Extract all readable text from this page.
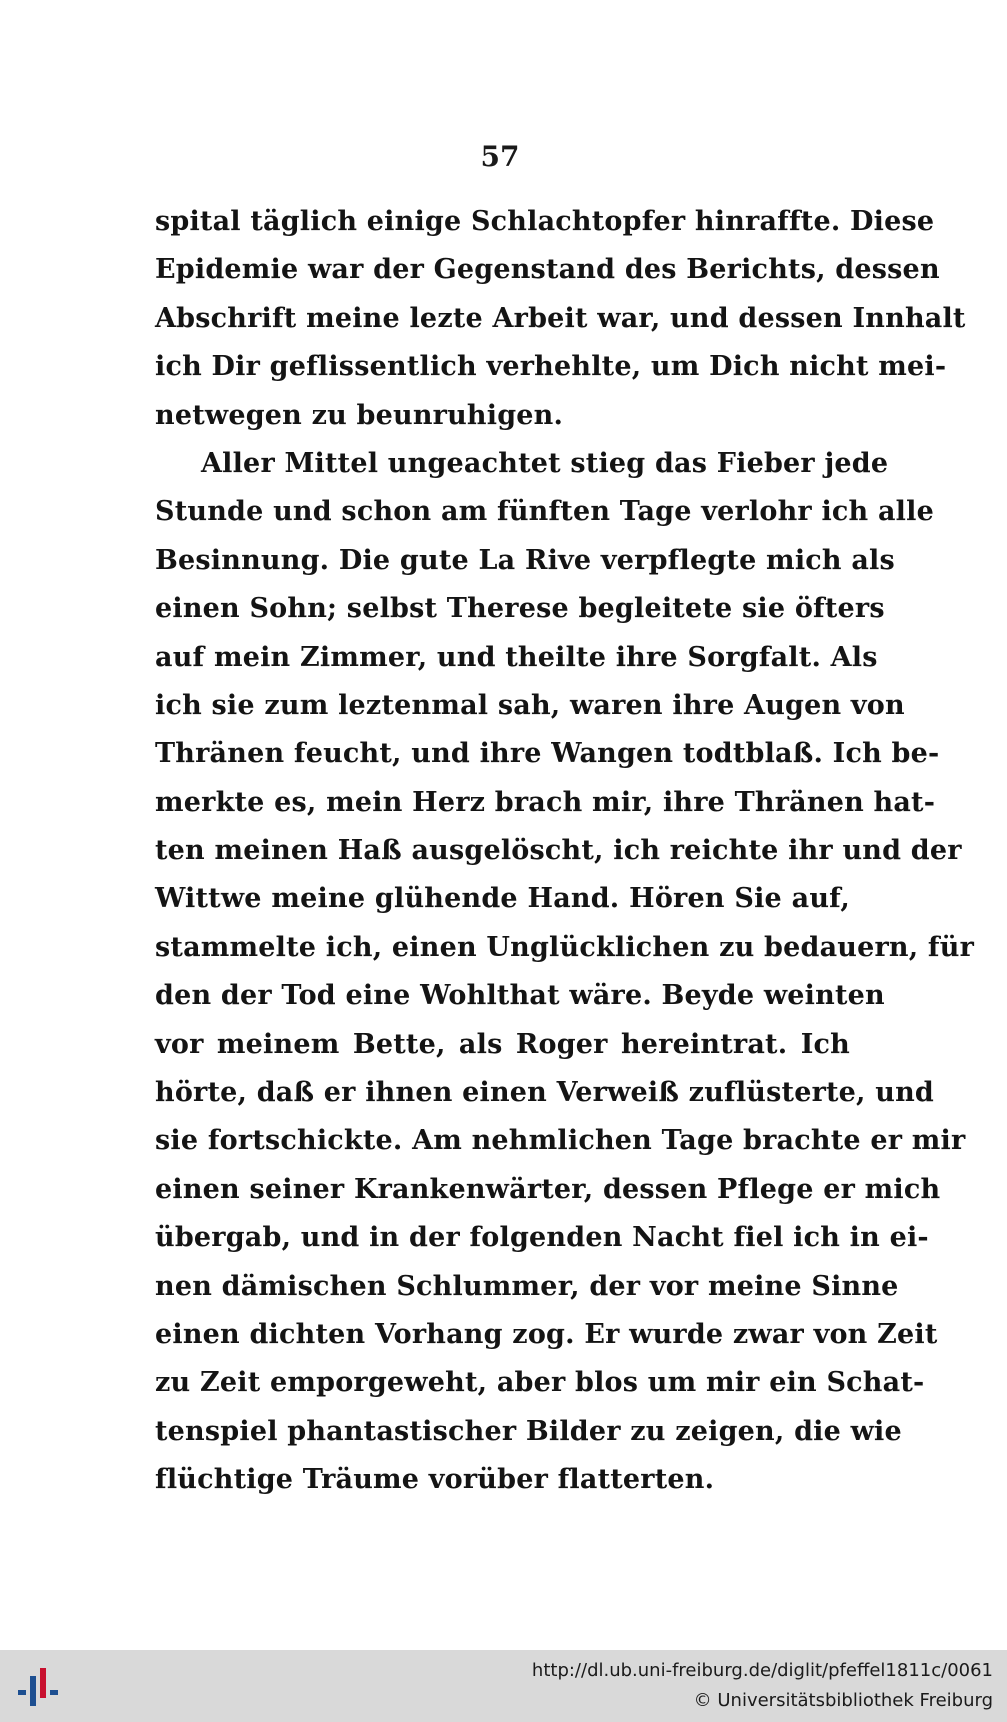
57
spital täglich einige Schlachtopfer hinraffte. Diese
Epidemie war der Gegenstand des Berichts, dessen
Abschrift meine lezte Arbeit war, und dessen Innhalt
ich Dir geflissentlich verhehlte, um Dich nicht mei-
netwegen zu beunruhigen.
Aller Mittel ungeachtet stieg das Fieber jede
Stunde und schon am fünften Tage verlohr ich alle
Besinnung. Die gute La Rive verpflegte mich als
einen Sohn; selbst Therese begleitete sie öfters
auf mein Zimmer, und theilte ihre Sorgfalt. Als
ich sie zum leztenmal sah, waren ihre Augen von
Thränen feucht, und ihre Wangen todtblaß. Ich be-
merkte es, mein Herz brach mir, ihre Thränen hat-
ten meinen Haß ausgelöscht, ich reichte ihr und der
Wittwe meine glühende Hand. Hören Sie auf,
stammelte ich, einen Unglücklichen zu bedauern, für
den der Tod eine Wohlthat wäre. Beyde weinten
vor meinem Bette, als Roger hereintrat. Ich
hörte, daß er ihnen einen Verweiß zuflüsterte, und
sie fortschickte. Am nehmlichen Tage brachte er mir
einen seiner Krankenwärter, dessen Pflege er mich
übergab, und in der folgenden Nacht fiel ich in ei-
nen dämischen Schlummer, der vor meine Sinne
einen dichten Vorhang zog. Er wurde zwar von Zeit
zu Zeit emporgeweht, aber blos um mir ein Schat-
tenspiel phantastischer Bilder zu zeigen, die wie
flüchtige Träume vorüber flatterten.
http://dl.ub.uni-freiburg.de/diglit/pfeffel1811c/0061
© Universitätsbibliothek Freiburg
